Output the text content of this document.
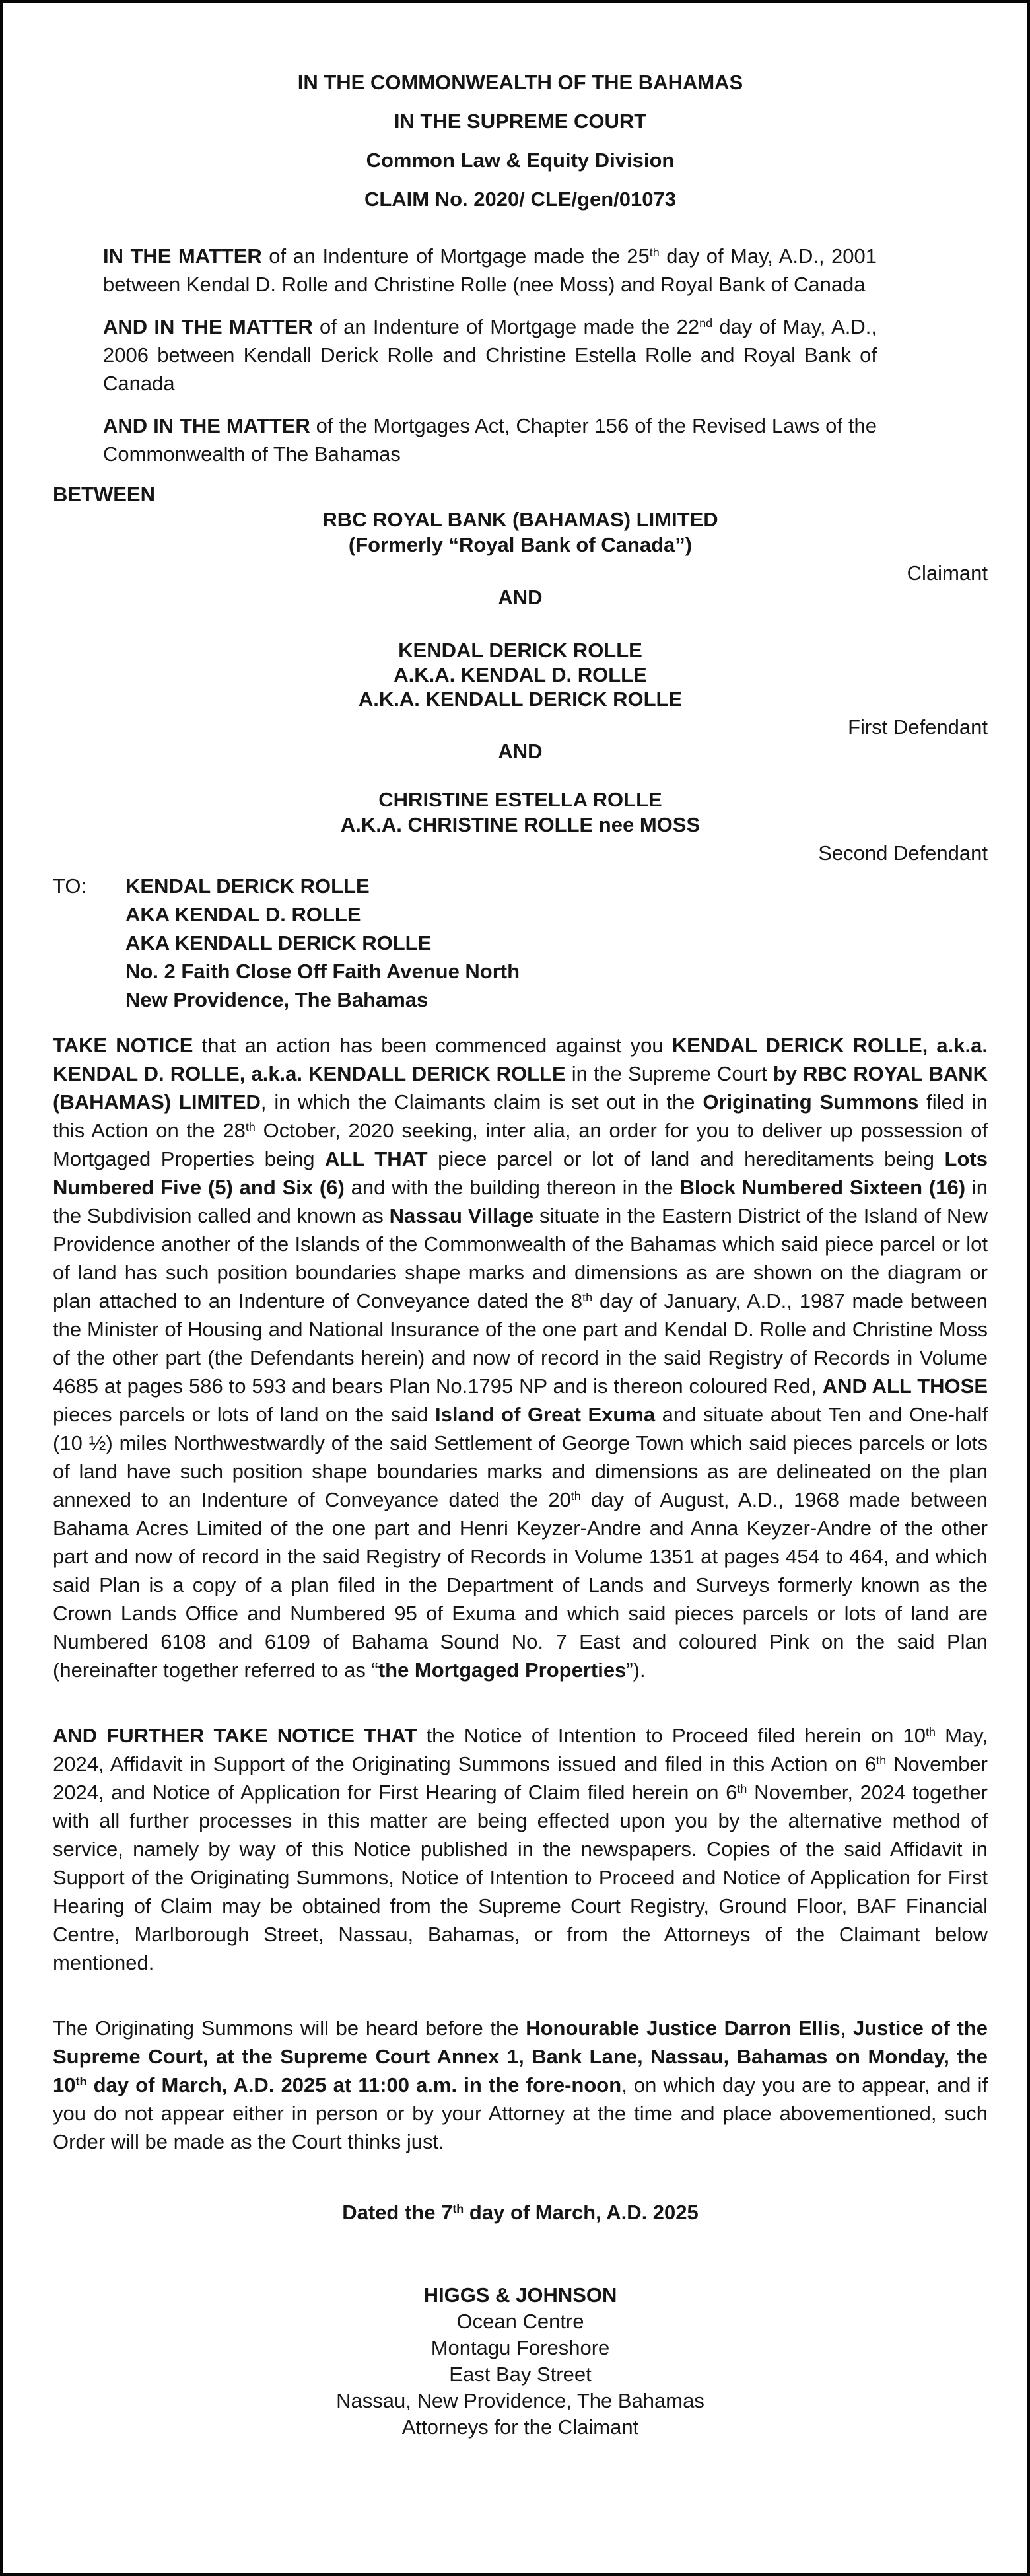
IN THE COMMONWEALTH OF THE BAHAMAS
IN THE SUPREME COURT
Common Law & Equity Division
CLAIM No. 2020/ CLE/gen/01073
IN THE MATTER of an Indenture of Mortgage made the 25th day of May, A.D., 2001 between Kendal D. Rolle and Christine Rolle (nee Moss) and Royal Bank of Canada
AND IN THE MATTER of an Indenture of Mortgage made the 22nd day of May, A.D., 2006 between Kendall Derick Rolle and Christine Estella Rolle and Royal Bank of Canada
AND IN THE MATTER of the Mortgages Act, Chapter 156 of the Revised Laws of the Commonwealth of The Bahamas
BETWEEN
RBC ROYAL BANK (BAHAMAS) LIMITED
(Formerly “Royal Bank of Canada”)
Claimant
AND
KENDAL DERICK ROLLE
A.K.A. KENDAL D. ROLLE
A.K.A. KENDALL DERICK ROLLE
First Defendant
AND
CHRISTINE ESTELLA ROLLE
A.K.A. CHRISTINE ROLLE nee MOSS
Second Defendant
TO:	KENDAL DERICK ROLLE
AKA KENDAL D. ROLLE
AKA KENDALL DERICK ROLLE
No. 2 Faith Close Off Faith Avenue North
New Providence, The Bahamas
TAKE NOTICE that an action has been commenced against you KENDAL DERICK ROLLE, a.k.a. KENDAL D. ROLLE, a.k.a. KENDALL DERICK ROLLE in the Supreme Court by RBC ROYAL BANK (BAHAMAS) LIMITED, in which the Claimants claim is set out in the Originating Summons filed in this Action on the 28th October, 2020 seeking, inter alia, an order for you to deliver up possession of Mortgaged Properties being ALL THAT piece parcel or lot of land and hereditaments being Lots Numbered Five (5) and Six (6) and with the building thereon in the Block Numbered Sixteen (16) in the Subdivision called and known as Nassau Village situate in the Eastern District of the Island of New Providence another of the Islands of the Commonwealth of the Bahamas which said piece parcel or lot of land has such position boundaries shape marks and dimensions as are shown on the diagram or plan attached to an Indenture of Conveyance dated the 8th day of January, A.D., 1987 made between the Minister of Housing and National Insurance of the one part and Kendal D. Rolle and Christine Moss of the other part (the Defendants herein) and now of record in the said Registry of Records in Volume 4685 at pages 586 to 593 and bears Plan No.1795 NP and is thereon coloured Red, AND ALL THOSE pieces parcels or lots of land on the said Island of Great Exuma and situate about Ten and One-half (10 ½) miles Northwestwardly of the said Settlement of George Town which said pieces parcels or lots of land have such position shape boundaries marks and dimensions as are delineated on the plan annexed to an Indenture of Conveyance dated the 20th day of August, A.D., 1968 made between Bahama Acres Limited of the one part and Henri Keyzer-Andre and Anna Keyzer-Andre of the other part and now of record in the said Registry of Records in Volume 1351 at pages 454 to 464, and which said Plan is a copy of a plan filed in the Department of Lands and Surveys formerly known as the Crown Lands Office and Numbered 95 of Exuma and which said pieces parcels or lots of land are Numbered 6108 and 6109 of Bahama Sound No. 7 East and coloured Pink on the said Plan (hereinafter together referred to as “the Mortgaged Properties”).
AND FURTHER TAKE NOTICE THAT the Notice of Intention to Proceed filed herein on 10th May, 2024, Affidavit in Support of the Originating Summons issued and filed in this Action on 6th November 2024, and Notice of Application for First Hearing of Claim filed herein on 6th November, 2024 together with all further processes in this matter are being effected upon you by the alternative method of service, namely by way of this Notice published in the newspapers. Copies of the said Affidavit in Support of the Originating Summons, Notice of Intention to Proceed and Notice of Application for First Hearing of Claim may be obtained from the Supreme Court Registry, Ground Floor, BAF Financial Centre, Marlborough Street, Nassau, Bahamas, or from the Attorneys of the Claimant below mentioned.
The Originating Summons will be heard before the Honourable Justice Darron Ellis, Justice of the Supreme Court, at the Supreme Court Annex 1, Bank Lane, Nassau, Bahamas on Monday, the 10th day of March, A.D. 2025 at 11:00 a.m. in the fore-noon, on which day you are to appear, and if you do not appear either in person or by your Attorney at the time and place abovementioned, such Order will be made as the Court thinks just.
Dated the 7th day of March, A.D. 2025
HIGGS & JOHNSON
Ocean Centre
Montagu Foreshore
East Bay Street
Nassau, New Providence, The Bahamas
Attorneys for the Claimant
